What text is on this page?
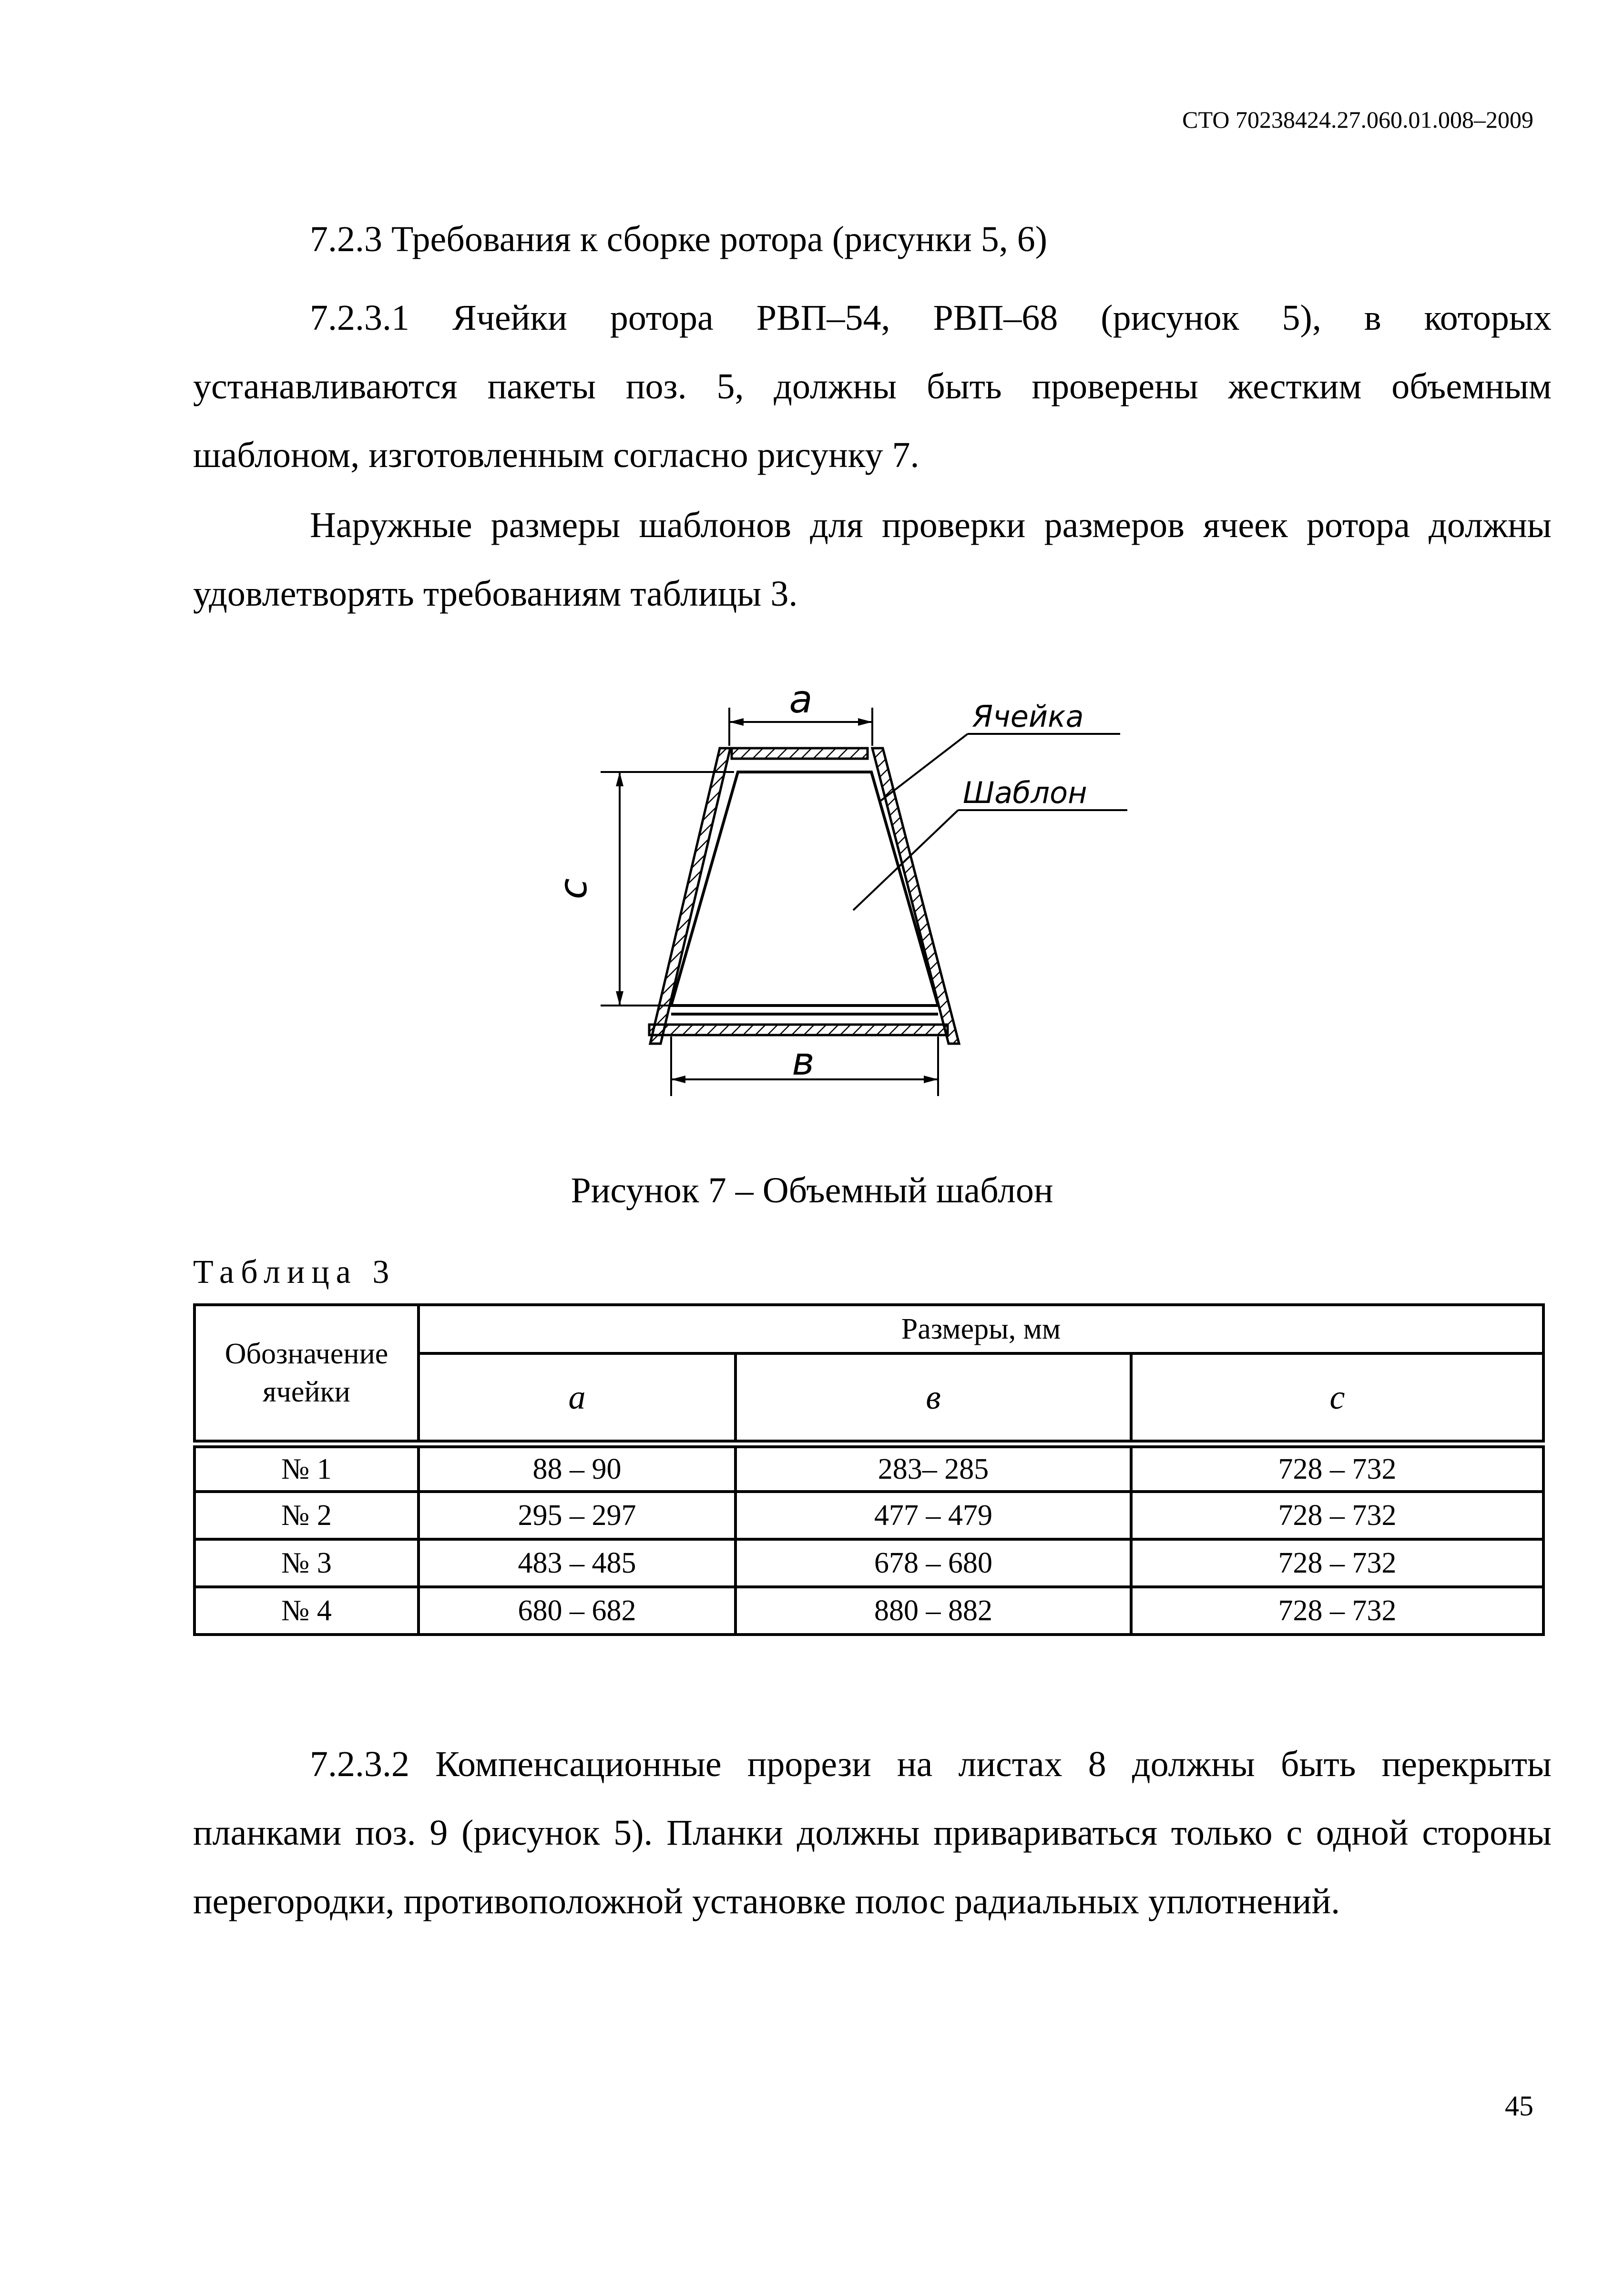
СТО 70238424.27.060.01.008–2009

7.2.3 Требования к сборке ротора (рисунки 5, 6)

7.2.3.1 Ячейки ротора РВП–54, РВП–68 (рисунок 5), в которых устанавливаются пакеты поз. 5, должны быть проверены жестким объемным шаблоном, изготовленным согласно рисунку 7.

Наружные размеры шаблонов для проверки размеров ячеек ротора должны удовлетворять требованиям таблицы 3.

a
c
в
Ячейка
Шаблон
Рисунок 7 – Объемный шаблон
Таблица 3
Обозначение ячейки	Размеры, мм		
	а	в	с
№ 1	88 – 90	283– 285	728 – 732
№ 2	295 – 297	477 – 479	728 – 732
№ 3	483 – 485	678 – 680	728 – 732
№ 4	680 – 682	880 – 882	728 – 732

7.2.3.2 Компенсационные прорези на листах 8 должны быть перекрыты планками поз. 9 (рисунок 5). Планки должны привариваться только с одной стороны перегородки, противоположной установке полос радиальных уплотнений.

45
